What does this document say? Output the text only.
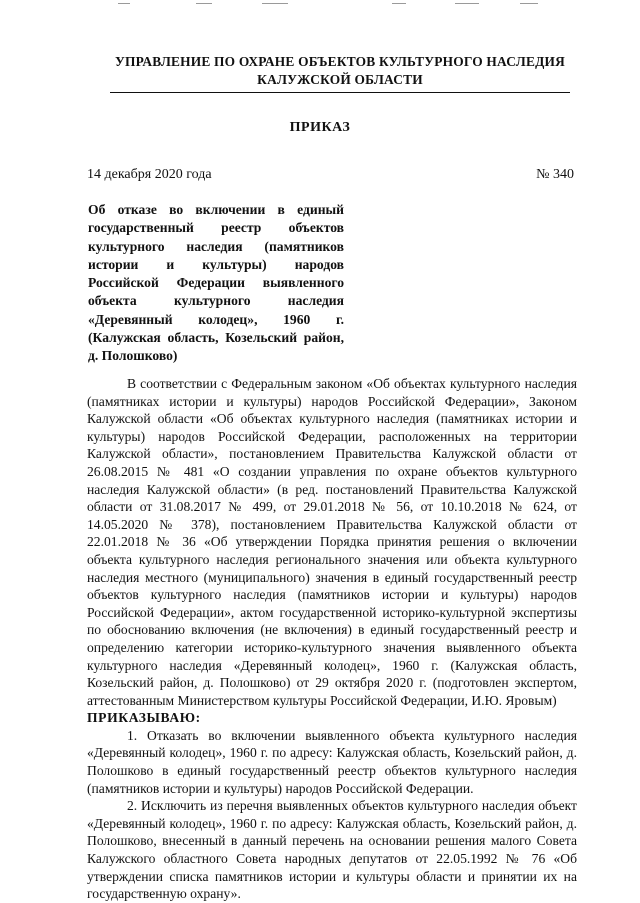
УПРАВЛЕНИЕ ПО ОХРАНЕ ОБЪЕКТОВ КУЛЬТУРНОГО НАСЛЕДИЯ
КАЛУЖСКОЙ ОБЛАСТИ
ПРИКАЗ
14 декабря 2020 года	№ 340
Об отказе во включении в единый государственный реестр объектов культурного наследия (памятников истории и культуры) народов Российской Федерации выявленного объекта культурного наследия «Деревянный колодец», 1960 г. (Калужская область, Козельский район, д. Полошково)

В соответствии с Федеральным законом «Об объектах культурного наследия (памятниках истории и культуры) народов Российской Федерации», Законом Калужской области «Об объектах культурного наследия (памятниках истории и культуры) народов Российской Федерации, расположенных на территории Калужской области», постановлением Правительства Калужской области от 26.08.2015 № 481 «О создании управления по охране объектов культурного наследия Калужской области» (в ред. постановлений Правительства Калужской области от 31.08.2017 № 499, от 29.01.2018 № 56, от 10.10.2018 № 624, от 14.05.2020 № 378), постановлением Правительства Калужской области от 22.01.2018 № 36 «Об утверждении Порядка принятия решения о включении объекта культурного наследия регионального значения или объекта культурного наследия местного (муниципального) значения в единый государственный реестр объектов культурного наследия (памятников истории и культуры) народов Российской Федерации», актом государственной историко-культурной экспертизы по обоснованию включения (не включения) в единый государственный реестр и определению категории историко-культурного значения выявленного объекта культурного наследия «Деревянный колодец», 1960 г. (Калужская область, Козельский район, д. Полошково) от 29 октября 2020 г. (подготовлен экспертом, аттестованным Министерством культуры Российской Федерации, И.Ю. Яровым)

ПРИКАЗЫВАЮ:

1. Отказать во включении выявленного объекта культурного наследия «Деревянный колодец», 1960 г. по адресу: Калужская область, Козельский район, д. Полошково в единый государственный реестр объектов культурного наследия (памятников истории и культуры) народов Российской Федерации.

2. Исключить из перечня выявленных объектов культурного наследия объект «Деревянный колодец», 1960 г. по адресу: Калужская область, Козельский район, д. Полошково, внесенный в данный перечень на основании решения малого Совета Калужского областного Совета народных депутатов от 22.05.1992 № 76 «Об утверждении списка памятников истории и культуры области и принятии их на государственную охрану».
